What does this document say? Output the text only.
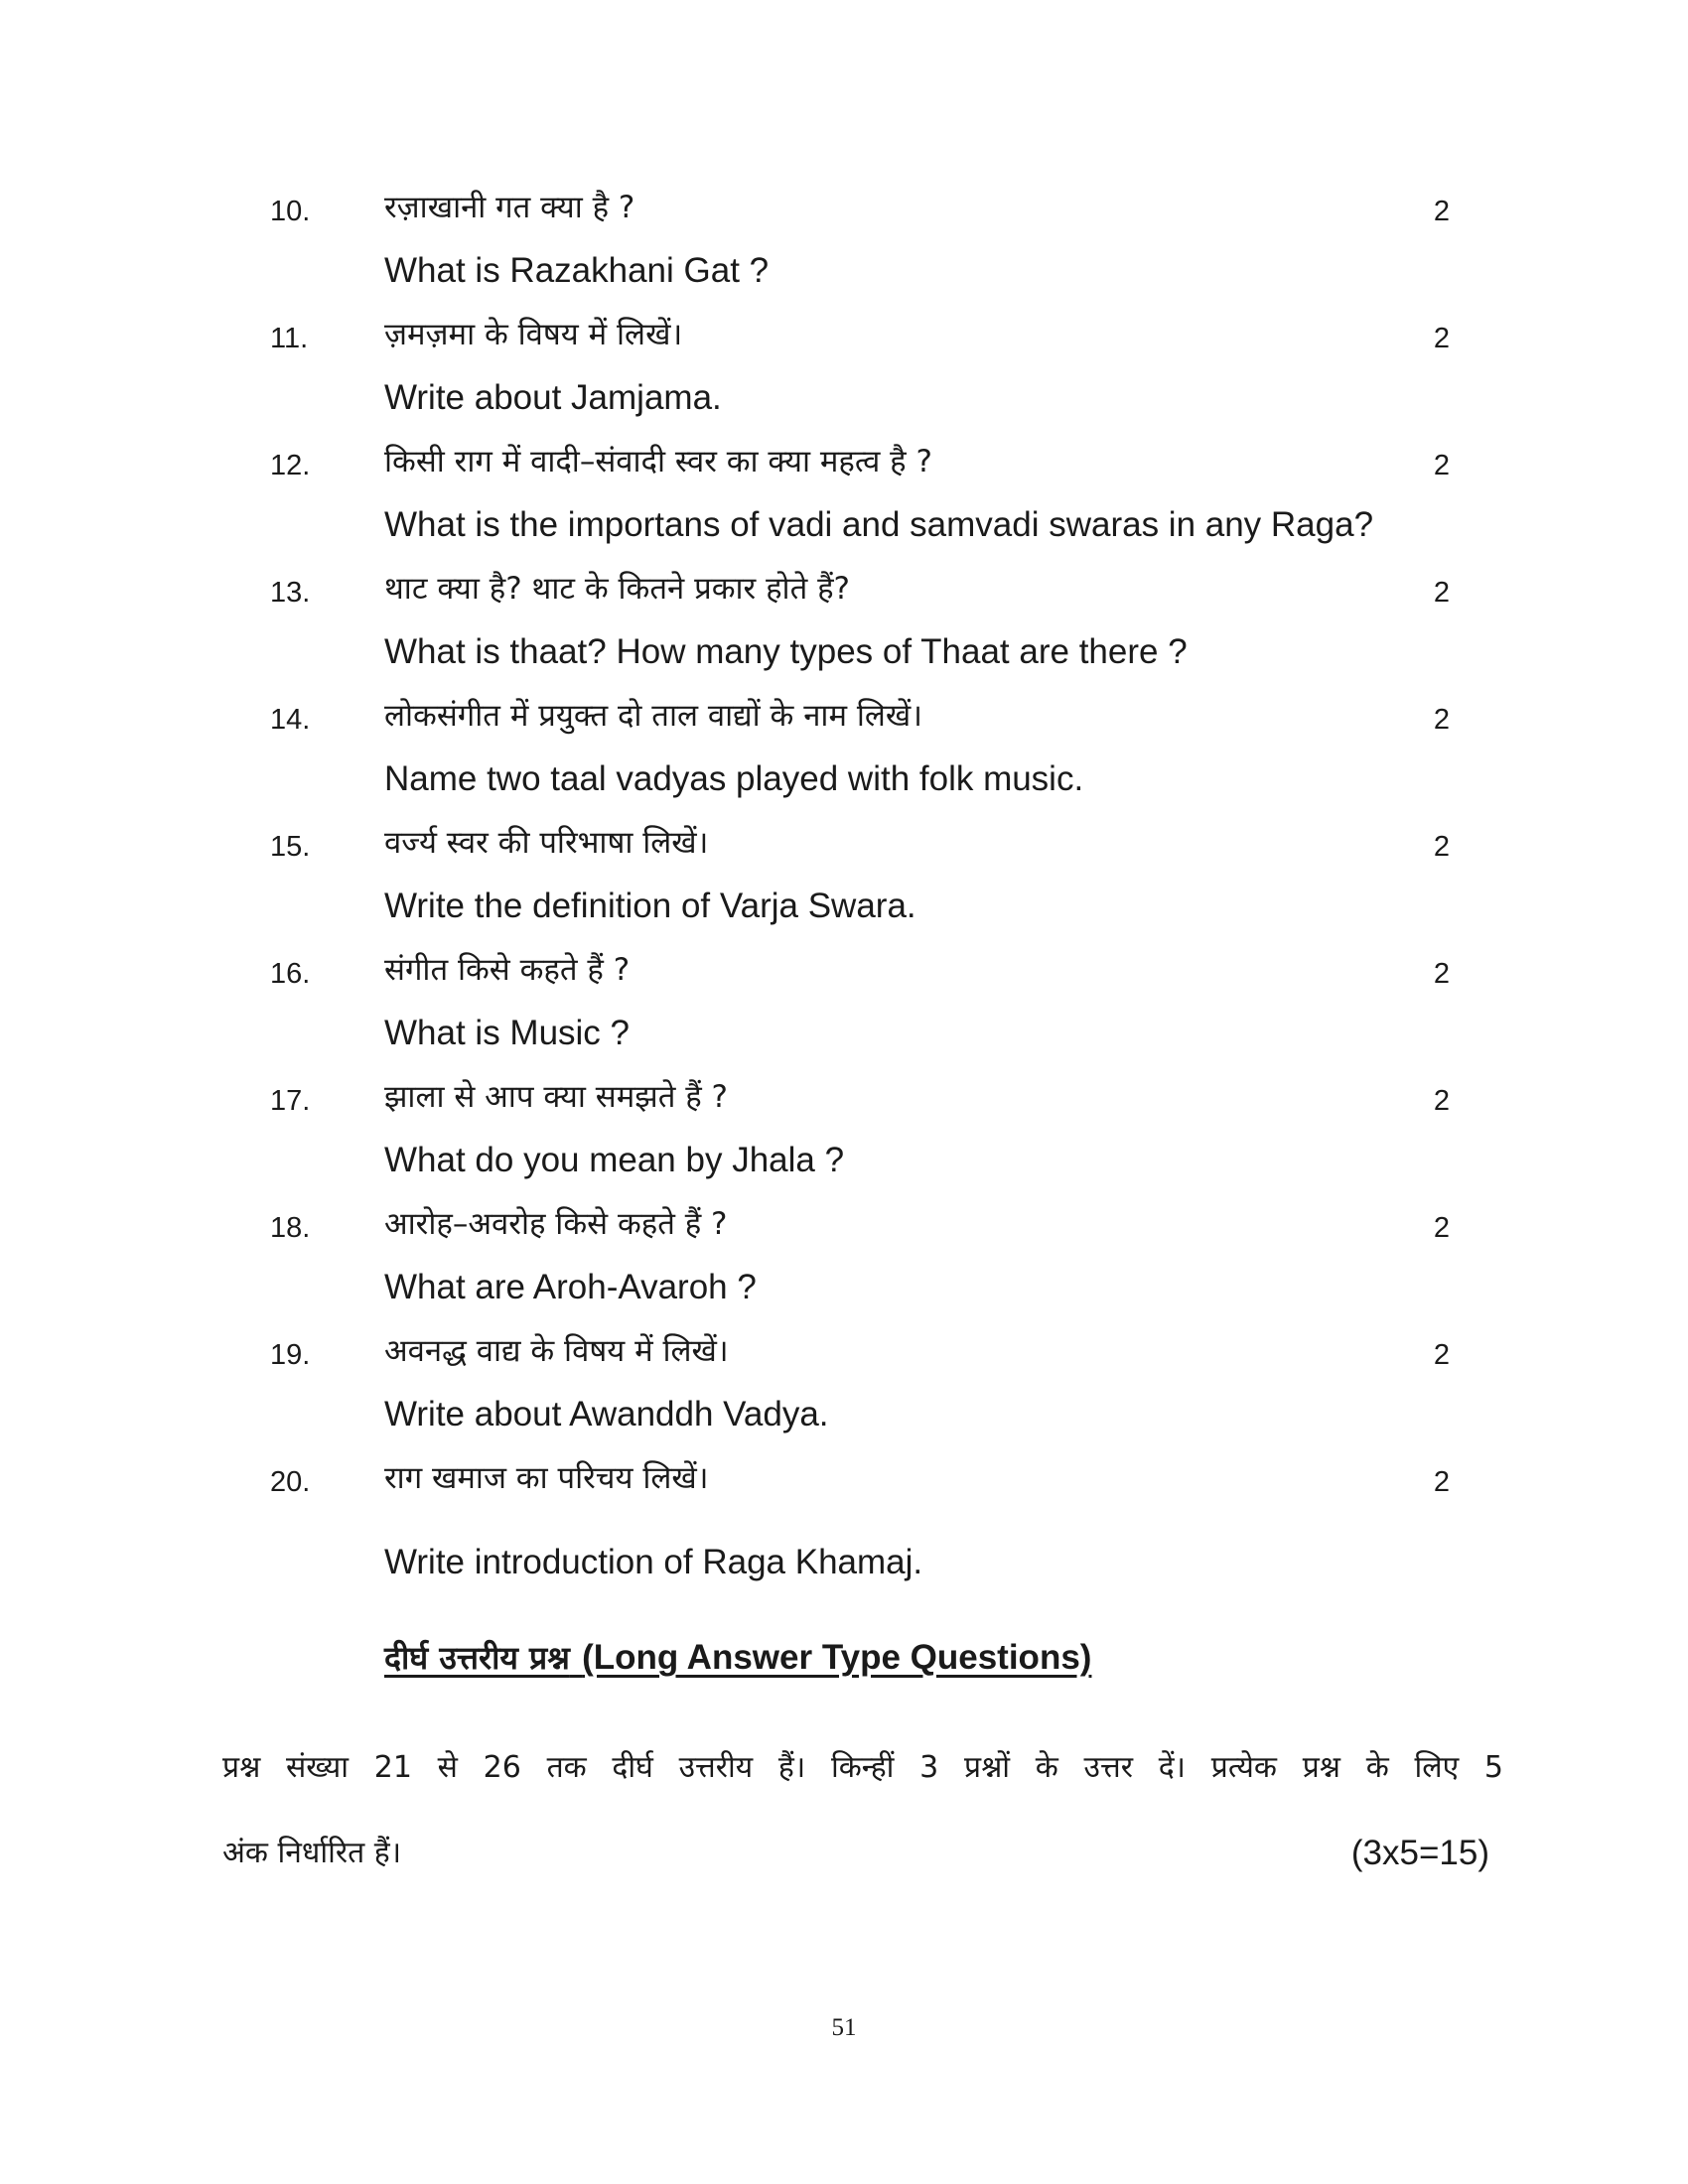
10.	रज़ाखानी गत क्या है ?	2
What is Razakhani Gat ?
11.	ज़मज़मा के विषय में लिखें।	2
Write about Jamjama.
12.	किसी राग में वादी–संवादी स्वर का क्या महत्व है ?	2
What is the importans of vadi and samvadi swaras in any Raga?
13.	थाट क्या है? थाट के कितने प्रकार होते हैं?	2
What is thaat? How many types of Thaat are there ?
14.	लोकसंगीत में प्रयुक्त दो ताल वाद्यों के नाम लिखें।	2
Name two taal vadyas played with folk music.
15.	वर्ज्य स्वर की परिभाषा लिखें।	2
Write the definition of Varja Swara.
16.	संगीत किसे कहते हैं ?	2
What is Music ?
17.	झाला से आप क्या समझते हैं ?	2
What do you mean by Jhala ?
18.	आरोह–अवरोह किसे कहते हैं ?	2
What are Aroh-Avaroh ?
19.	अवनद्ध वाद्य के विषय में लिखें।	2
Write about Awanddh Vadya.
20.	राग खमाज का परिचय लिखें।	2
Write introduction of Raga Khamaj.
दीर्घ उत्तरीय प्रश्न (Long Answer Type Questions)
प्रश्न संख्या 21 से 26 तक दीर्घ उत्तरीय हैं। किन्हीं 3 प्रश्नों के उत्तर दें। प्रत्येक प्रश्न के लिए 5
अंक निर्धारित हैं।	(3x5=15)
51
